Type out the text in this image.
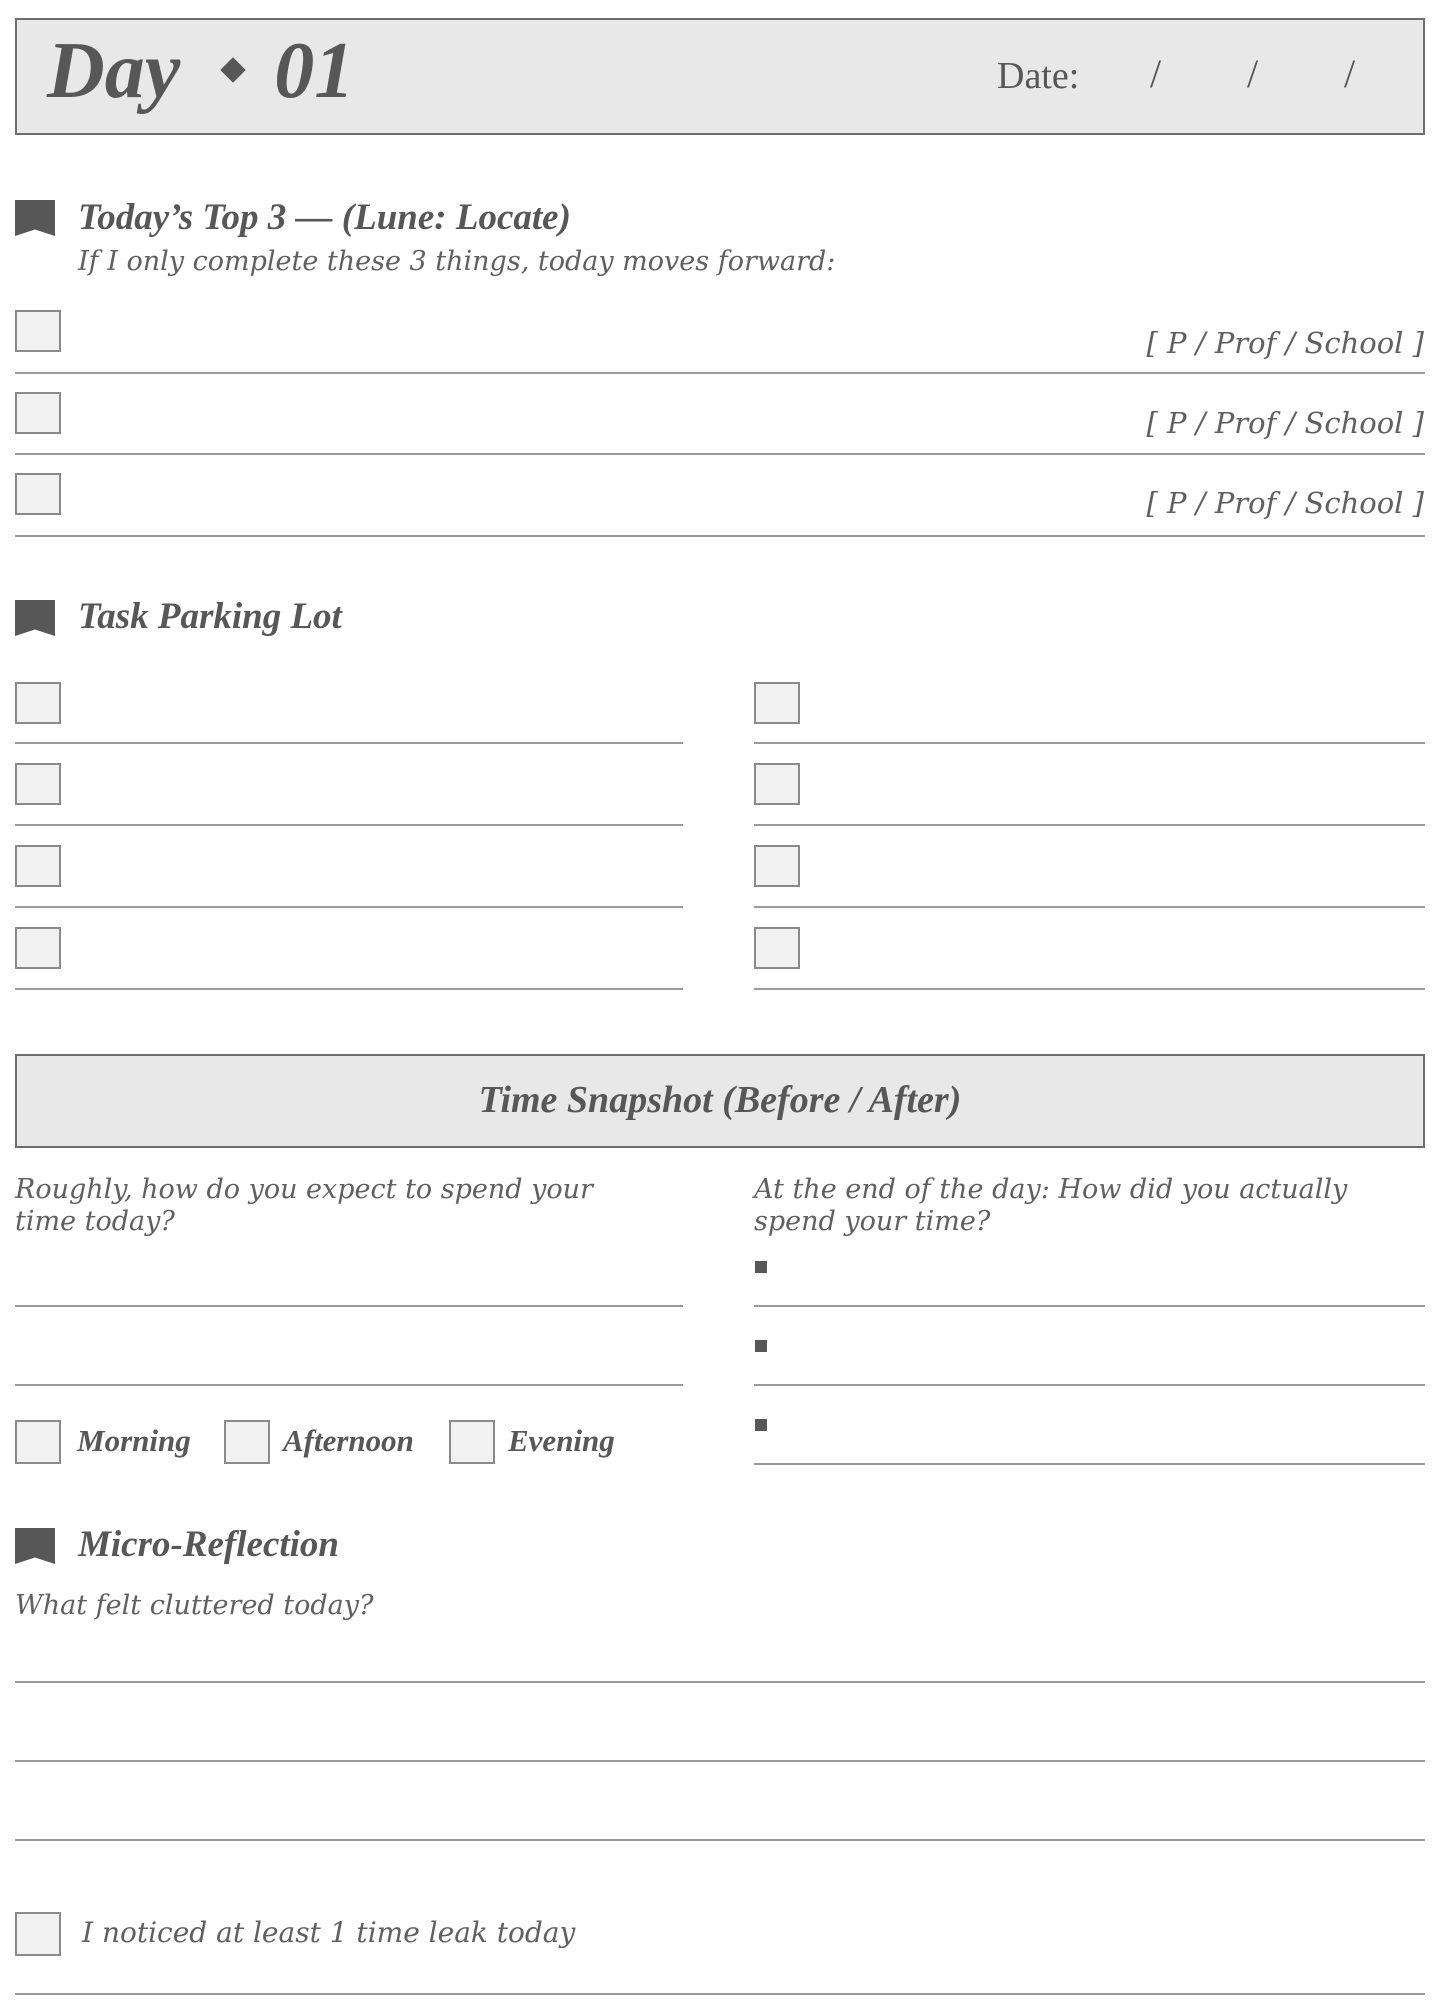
Day 01	Date: / / /
Today’s Top 3 — (Lune: Locate)
If I only complete these 3 things, today moves forward:
[ P / Prof / School ]
[ P / Prof / School ]
[ P / Prof / School ]
Task Parking Lot
Time Snapshot (Before / After)
Roughly, how do you expect to spend your time today?
At the end of the day: How did you actually spend your time?
Morning	Afternoon	Evening
Micro-Reflection
What felt cluttered today?
I noticed at least 1 time leak today
